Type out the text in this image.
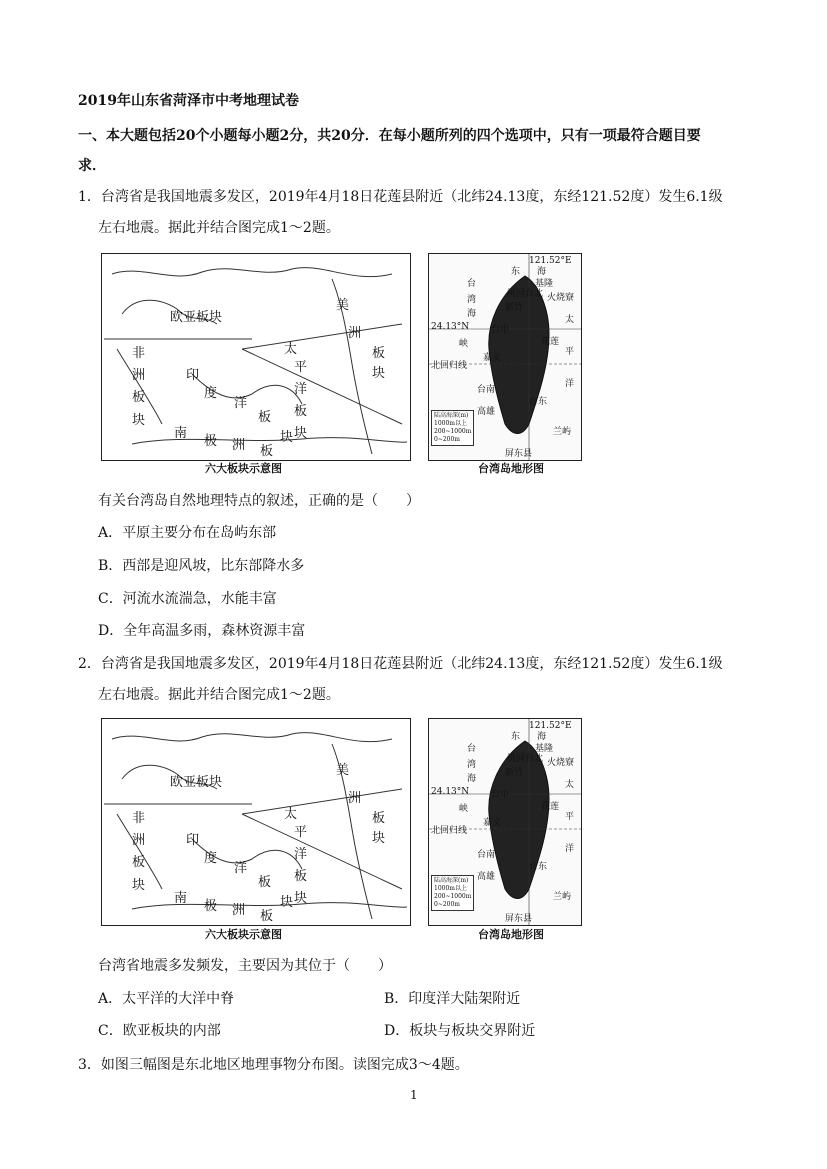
2019年山东省菏泽市中考地理试卷
一、本大题包括20个小题每小题2分，共20分．在每小题所列的四个选项中，只有一项最符合题目要
求．
1．台湾省是我国地震多发区，2019年4月18日花莲县附近（北纬24.13度，东经121.52度）发生6.1级
左右地震。据此并结合图完成1～2题。
欧亚板块
非
洲
板
块
印
度
洋
板
块
太
平
洋
板
块
美
洲
板
块
南
极 洲 板
六大板块示意图
121.52°E
24.13°N
北回归线
东 海
基隆
台北
桃园
新竹
台中
嘉义
台南
高雄
花莲
台东
兰屿
屏东县
火烧寮
太
平
洋
台
湾
海
峡
陆高海深(m)
1000m以上
200~1000m
0~200m
台湾岛地形图
有关台湾岛自然地理特点的叙述，正确的是（　　）
A．平原主要分布在岛屿东部
B．西部是迎风坡，比东部降水多
C．河流水流湍急，水能丰富
D．全年高温多雨，森林资源丰富
2．台湾省是我国地震多发区，2019年4月18日花莲县附近（北纬24.13度，东经121.52度）发生6.1级
左右地震。据此并结合图完成1～2题。
欧亚板块
非
洲
板
块
印
度
洋
板
块
太
平
洋
板
块
美
洲
板
块
南
极 洲 板
六大板块示意图
121.52°E
24.13°N
北回归线
东 海
基隆
台北
桃园
新竹
台中
嘉义
台南
高雄
花莲
台东
兰屿
屏东县
火烧寮
太
平
洋
台
湾
海
峡
陆高海深(m)
1000m以上
200~1000m
0~200m
台湾岛地形图
台湾省地震多发频发，主要因为其位于（　　）
A．太平洋的大洋中脊	B．印度洋大陆架附近
C．欧亚板块的内部	D．板块与板块交界附近
3．如图三幅图是东北地区地理事物分布图。读图完成3～4题。
1
